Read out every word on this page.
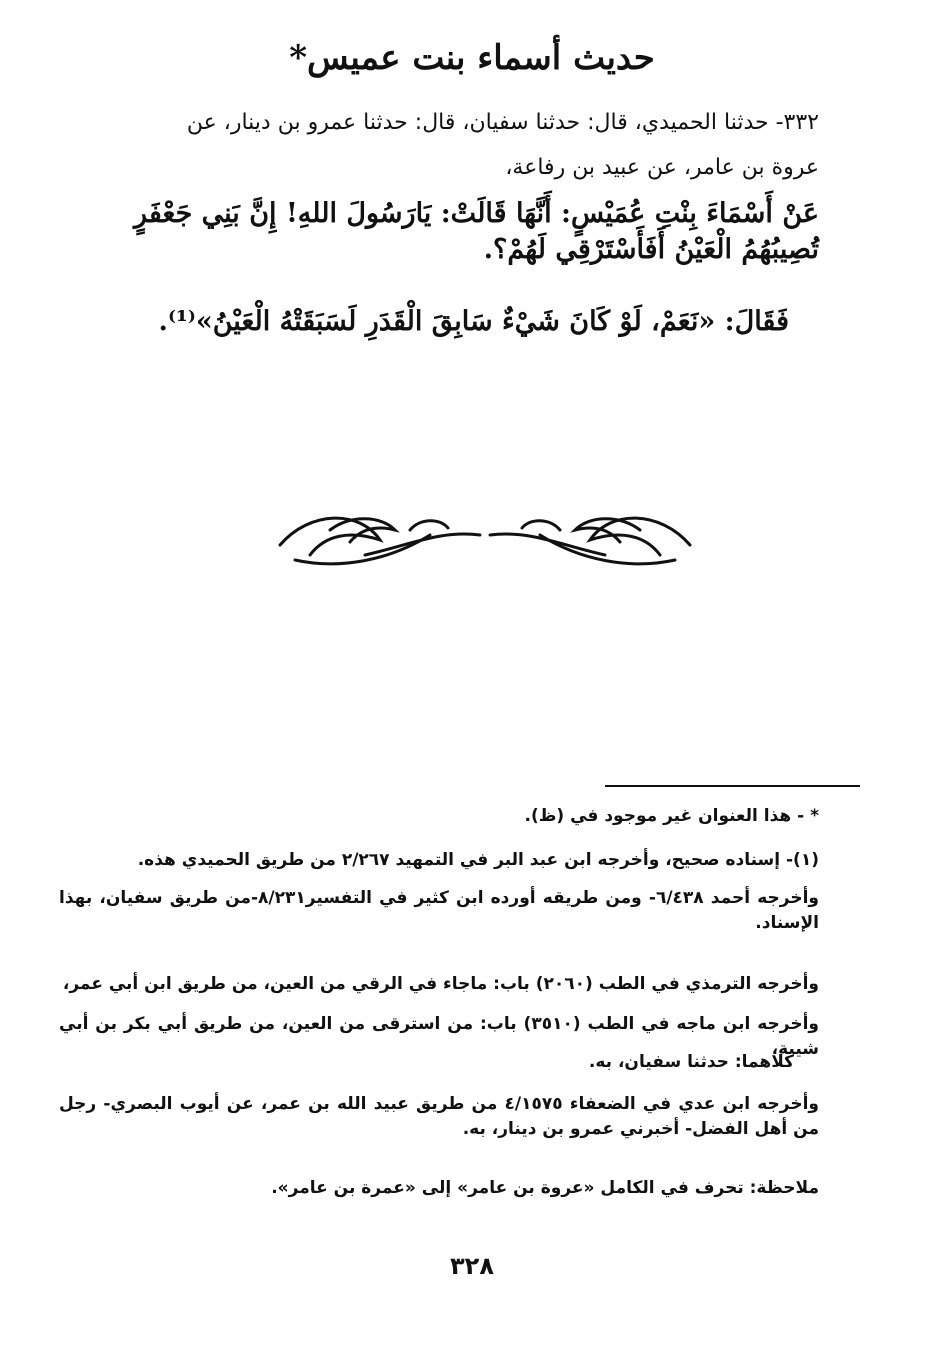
حديث أسماء بنت عميس*
٣٣٢- حدثنا الحميدي، قال: حدثنا سفيان، قال: حدثنا عمرو بن دينار، عن
عروة بن عامر، عن عبيد بن رفاعة،
عَنْ أَسْمَاءَ بِنْتِ عُمَيْسٍ: أَنَّهَا قَالَتْ: يَارَسُولَ اللهِ! إِنَّ بَنِي جَعْفَرٍ تُصِيبُهُمُ الْعَيْنُ أَفَأَسْتَرْقِي لَهُمْ؟.
فَقَالَ: «نَعَمْ، لَوْ كَانَ شَيْءٌ سَابِقَ الْقَدَرِ لَسَبَقَتْهُ الْعَيْنُ»⁽¹⁾.
* - هذا العنوان غير موجود في (ظ).
(١)- إسناده صحيح، وأخرجه ابن عبد البر في التمهيد ٢/٢٦٧ من طريق الحميدي هذه.
وأخرجه أحمد ٦/٤٣٨- ومن طريقه أورده ابن كثير في التفسير٨/٢٣١-من طريق سفيان، بهذا الإسناد.
وأخرجه الترمذي في الطب (٢٠٦٠) باب: ماجاء في الرقي من العين، من طريق ابن أبي عمر،
وأخرجه ابن ماجه في الطب (٣٥١٠) باب: من استرقى من العين، من طريق أبي بكر بن أبي شيبة،
كلاهما: حدثنا سفيان، به.
وأخرجه ابن عدي في الضعفاء ٤/١٥٧٥ من طريق عبيد الله بن عمر، عن أيوب البصري- رجل من أهل الفضل- أخبرني عمرو بن دينار، به.
ملاحظة: تحرف في الكامل «عروة بن عامر» إلى «عمرة بن عامر».
٣٢٨
